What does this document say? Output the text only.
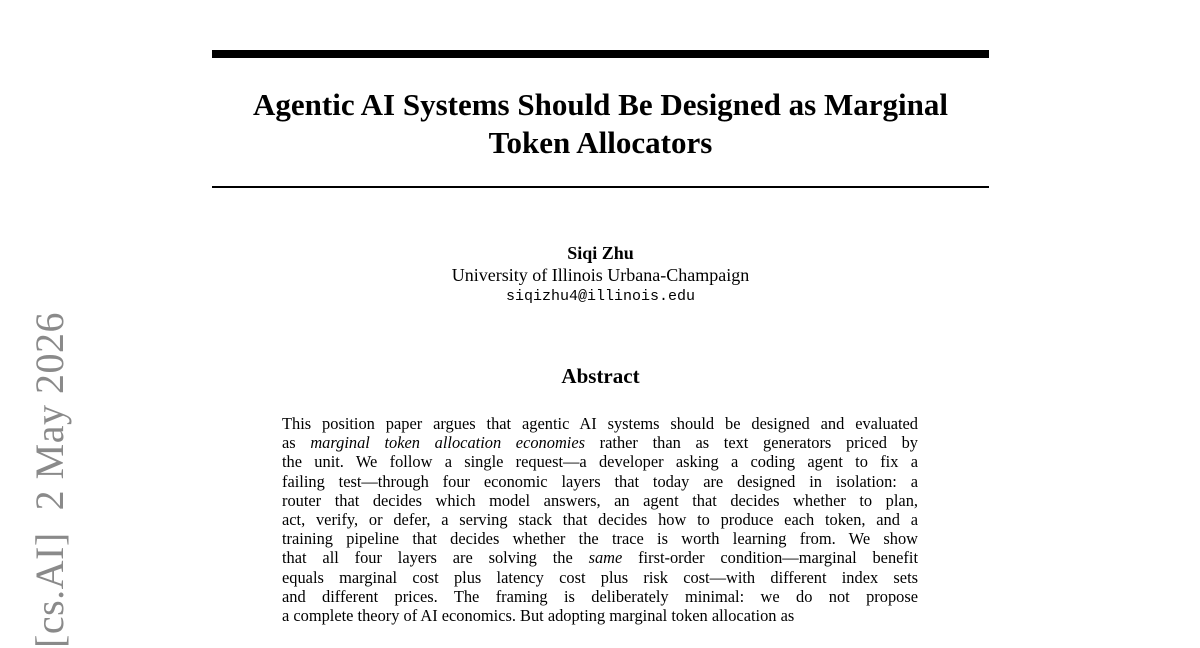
Agentic AI Systems Should Be Designed as Marginal
Token Allocators
Siqi Zhu
University of Illinois Urbana-Champaign
siqizhu4@illinois.edu
Abstract
This position paper argues that agentic AI systems should be designed and evaluated
as marginal token allocation economies rather than as text generators priced by
the unit. We follow a single request—a developer asking a coding agent to fix a
failing test—through four economic layers that today are designed in isolation: a
router that decides which model answers, an agent that decides whether to plan,
act, verify, or defer, a serving stack that decides how to produce each token, and a
training pipeline that decides whether the trace is worth learning from. We show
that all four layers are solving the same first-order condition—marginal benefit
equals marginal cost plus latency cost plus risk cost—with different index sets
and different prices. The framing is deliberately minimal: we do not propose
a complete theory of AI economics. But adopting marginal token allocation as
[cs.AI]2 May 2026
